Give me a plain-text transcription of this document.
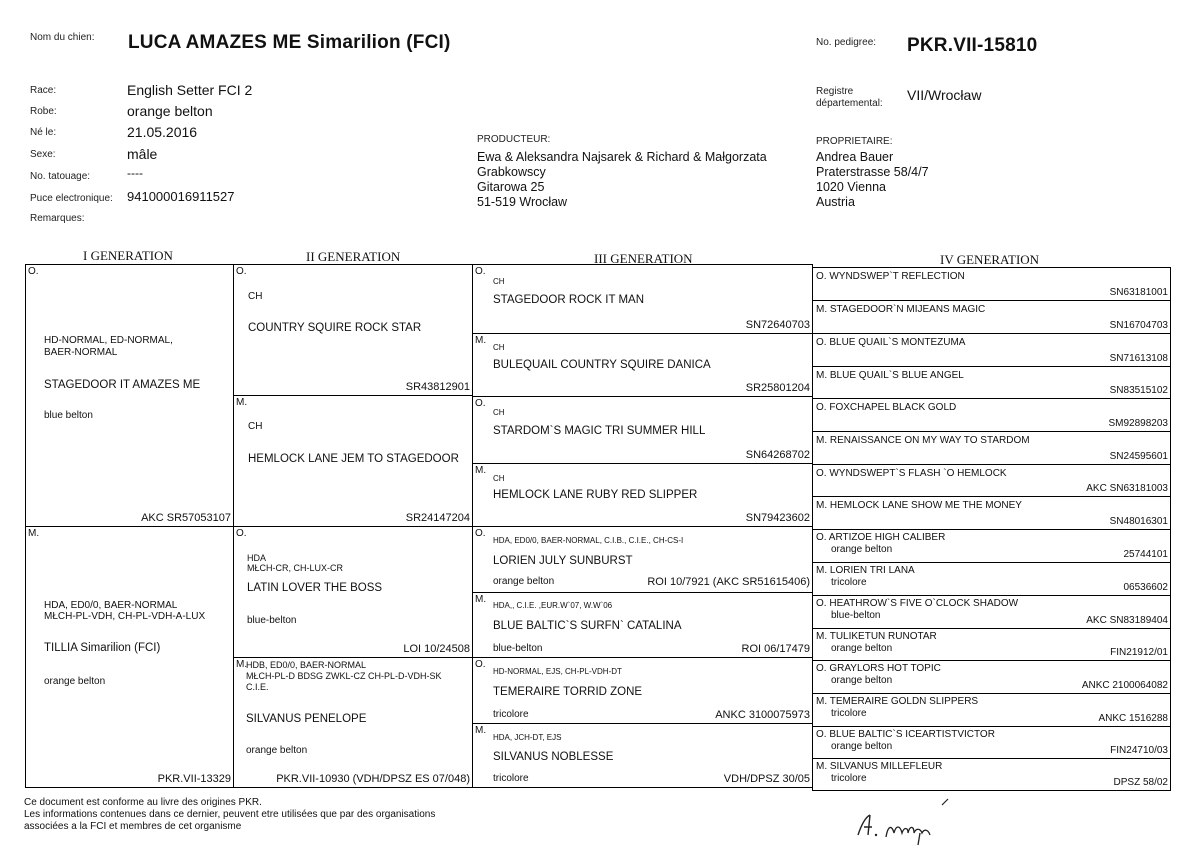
Nom du chien: LUCA AMAZES ME Simarilion (FCI)	No. pedigree: PKR.VII-15810
Race:	English Setter FCI 2
Robe:	orange belton
Né le:	21.05.2016
Sexe:	mâle
No. tatouage:	----
Puce electronique: 941000016911527
Remarques:
Registre
départemental:
VII/Wrocław
PRODUCTEUR:
Ewa & Aleksandra Najsarek & Richard & Małgorzata
Grabkowscy
Gitarowa 25
51-519 Wrocław
PROPRIETAIRE:
Andrea Bauer
Praterstrasse 58/4/7
1020 Vienna
Austria
I GENERATION	II GENERATION	III GENERATION	IV GENERATION
O.
HD-NORMAL, ED-NORMAL,
BAER-NORMAL
STAGEDOOR IT AMAZES ME
blue belton
AKC SR57053107
M.
HDA, ED0/0, BAER-NORMAL
MŁCH-PL-VDH, CH-PL-VDH-A-LUX
TILLIA Simarilion (FCI)
orange belton
PKR.VII-13329
O.
CH
COUNTRY SQUIRE ROCK STAR
SR43812901
M.
CH
HEMLOCK LANE JEM TO STAGEDOOR
SR24147204
O.
HDA
MŁCH-CR, CH-LUX-CR
LATIN LOVER THE BOSS
blue-belton
LOI 10/24508
M.
HDB, ED0/0, BAER-NORMAL
MŁCH-PL-D BDSG ZWKL-CZ CH-PL-D-VDH-SK
C.I.E.
SILVANUS PENELOPE
orange belton
PKR.VII-10930 (VDH/DPSZ ES 07/048)
O.
CH
STAGEDOOR ROCK IT MAN
SN72640703
M.
CH
BULEQUAIL COUNTRY SQUIRE DANICA
SR25801204
O.
CH
STARDOM`S MAGIC TRI SUMMER HILL
SN64268702
M.
CH
HEMLOCK LANE RUBY RED SLIPPER
SN79423602
O.
HDA, ED0/0, BAER-NORMAL, C.I.B., C.I.E., CH-CS-I
LORIEN JULY SUNBURST
orange belton	ROI 10/7921 (AKC SR51615406)
M.
HDA,, C.I.E. ,EUR.W`07, W.W`06
BLUE BALTIC`S SURFN` CATALINA
blue-belton	ROI 06/17479
O.
HD-NORMAL, EJS, CH-PL-VDH-DT
TEMERAIRE TORRID ZONE
tricolore	ANKC 3100075973
M.
HDA, JCH-DT, EJS
SILVANUS NOBLESSE
tricolore	VDH/DPSZ 30/05
O. WYNDSWEP`T REFLECTION
SN63181001
M. STAGEDOOR`N MIJEANS MAGIC
SN16704703
O. BLUE QUAIL`S MONTEZUMA
SN71613108
M. BLUE QUAIL`S BLUE ANGEL
SN83515102
O. FOXCHAPEL BLACK GOLD
SM92898203
M. RENAISSANCE ON MY WAY TO STARDOM
SN24595601
O. WYNDSWEPT`S FLASH `O HEMLOCK
AKC SN63181003
M. HEMLOCK LANE SHOW ME THE MONEY
SN48016301
O. ARTIZOE HIGH CALIBER
orange belton	25744101
M. LORIEN TRI LANA
tricolore	06536602
O. HEATHROW`S FIVE O`CLOCK SHADOW
blue-belton	AKC SN83189404
M. TULIKETUN RUNOTAR
orange belton	FIN21912/01
O. GRAYLORS HOT TOPIC
orange belton	ANKC 2100064082
M. TEMERAIRE GOLDN SLIPPERS
tricolore	ANKC 1516288
O. BLUE BALTIC`S ICEARTISTVICTOR
orange belton	FIN24710/03
M. SILVANUS MILLEFLEUR
tricolore	DPSZ 58/02
Ce document est conforme au livre des origines PKR.
Les informations contenues dans ce dernier, peuvent etre utilisées que par des organisations
associées a la FCI et membres de cet organisme
